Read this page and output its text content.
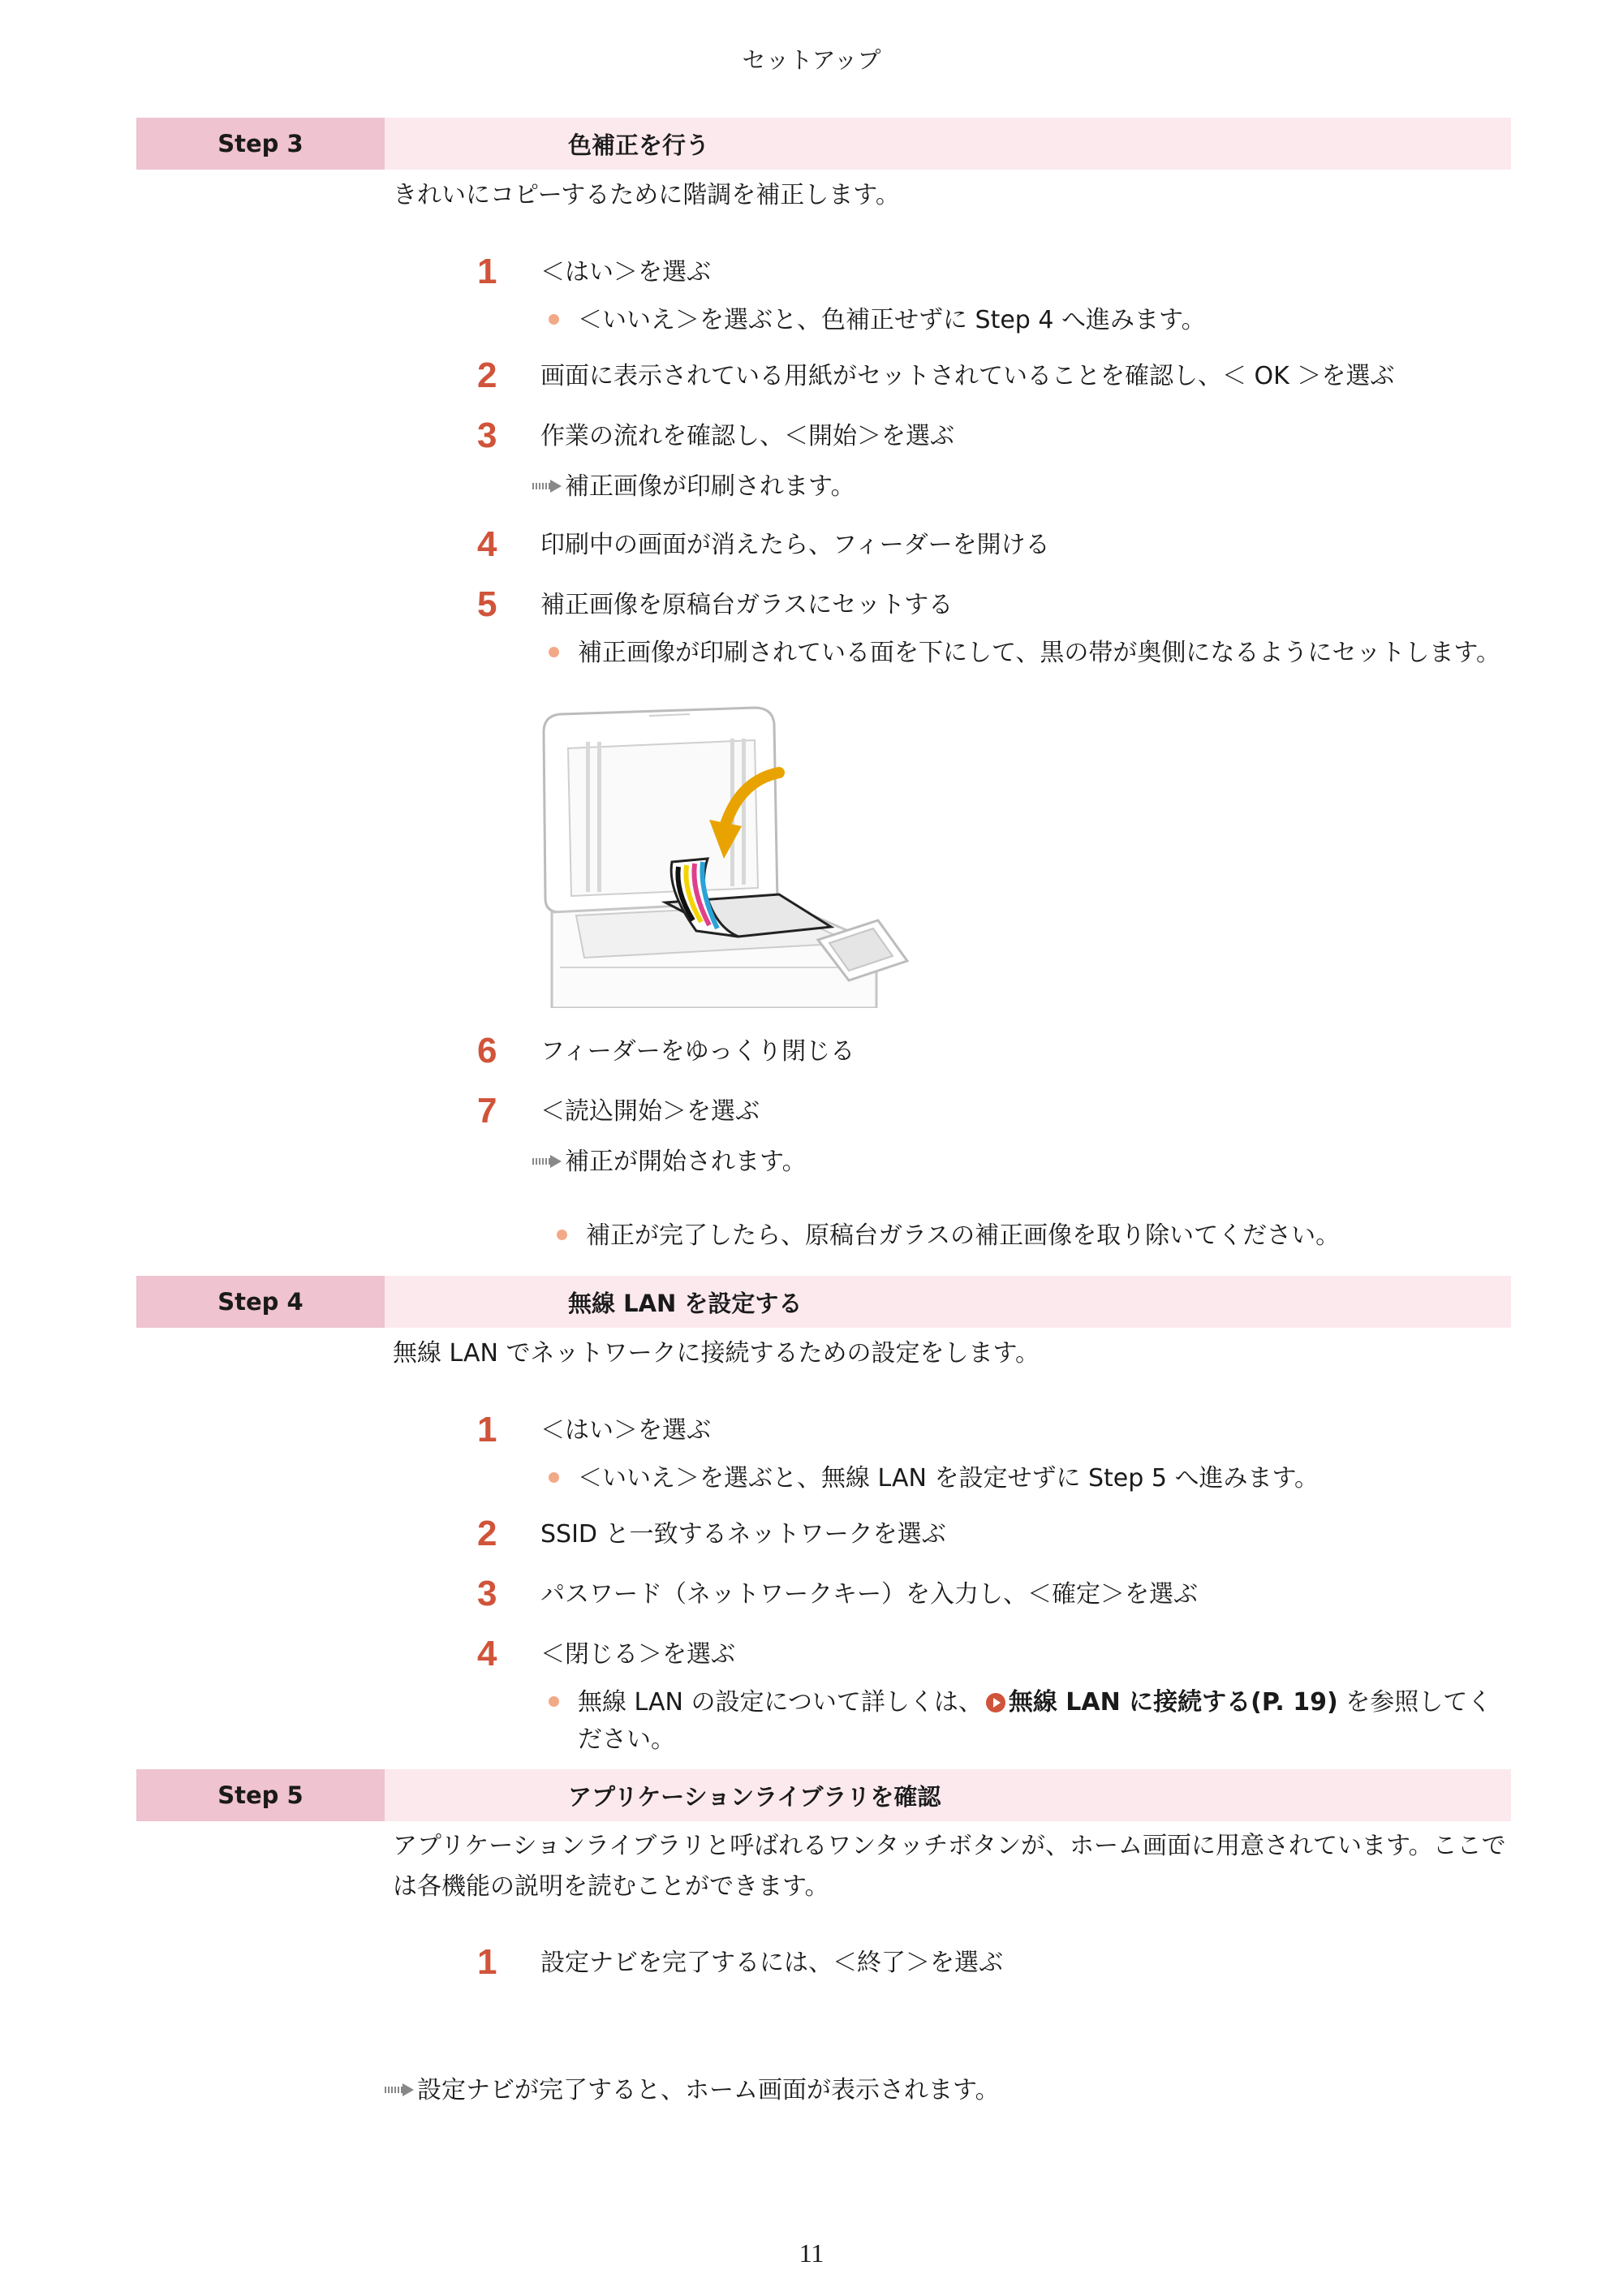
セットアップ
Step 3	色補正を行う
きれいにコピーするために階調を補正します。
1	＜はい＞を選ぶ
＜いいえ＞を選ぶと、色補正せずに Step 4 へ進みます。
2	画面に表示されている用紙がセットされていることを確認し、＜ OK ＞を選ぶ
3	作業の流れを確認し、＜開始＞を選ぶ
補正画像が印刷されます。
4	印刷中の画面が消えたら、フィーダーを開ける
5	補正画像を原稿台ガラスにセットする
補正画像が印刷されている面を下にして、黒の帯が奥側になるようにセットします。
6	フィーダーをゆっくり閉じる
7	＜読込開始＞を選ぶ
補正が開始されます。
補正が完了したら、原稿台ガラスの補正画像を取り除いてください。
Step 4	無線 LAN を設定する
無線 LAN でネットワークに接続するための設定をします。
1	＜はい＞を選ぶ
＜いいえ＞を選ぶと、無線 LAN を設定せずに Step 5 へ進みます。
2	SSID と一致するネットワークを選ぶ
3	パスワード（ネットワークキー）を入力し、＜確定＞を選ぶ
4	＜閉じる＞を選ぶ
無線 LAN の設定について詳しくは、 無線 LAN に接続する(P. 19) を参照してください。
Step 5	アプリケーションライブラリを確認
アプリケーションライブラリと呼ばれるワンタッチボタンが、ホーム画面に用意されています。ここでは各機能の説明を読むことができます。
1	設定ナビを完了するには、＜終了＞を選ぶ
設定ナビが完了すると、ホーム画面が表示されます。
11
